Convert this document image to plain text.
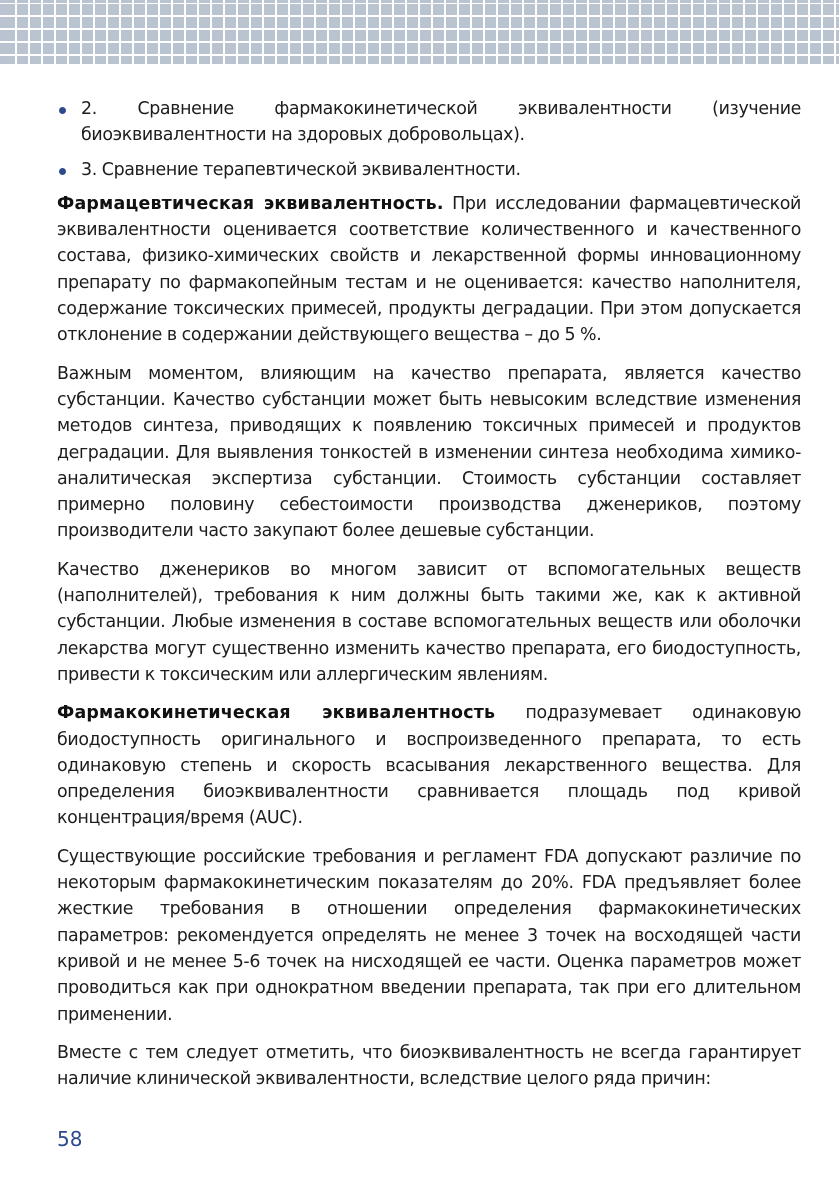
2. Сравнение фармакокинетической эквивалентности (изучение биоэквивалентности на здоровых добровольцах).
3. Сравнение терапевтической эквивалентности.

Фармацевтическая эквивалентность. При исследовании фармацевтической эквивалентности оценивается соответствие количественного и качественного состава, физико-химических свойств и лекарственной формы инновационному препарату по фармакопейным тестам и не оценивается: качество наполнителя, содержание токсических примесей, продукты деградации. При этом допускается отклонение в содержании действующего вещества – до 5 %.

Важным моментом, влияющим на качество препарата, является качество субстанции. Качество субстанции может быть невысоким вследствие изменения методов синтеза, приводящих к появлению токсичных примесей и продуктов деградации. Для выявления тонкостей в изменении синтеза необходима химико-аналитическая экспертиза субстанции. Стоимость субстанции составляет примерно половину себестоимости производства дженериков, поэтому производители часто закупают более дешевые субстанции.

Качество дженериков во многом зависит от вспомогательных веществ (наполнителей), требования к ним должны быть такими же, как к активной субстанции. Любые изменения в составе вспомогательных веществ или оболочки лекарства могут существенно изменить качество препарата, его биодоступность, привести к токсическим или аллергическим явлениям.

Фармакокинетическая эквивалентность подразумевает одинаковую биодоступность оригинального и воспроизведенного препарата, то есть одинаковую степень и скорость всасывания лекарственного вещества. Для определения биоэквивалентности сравнивается площадь под кривой концентрация/время (AUC).

Существующие российские требования и регламент FDA допускают различие по некоторым фармакокинетическим показателям до 20%. FDA предъявляет более жесткие требования в отношении определения фармакокинетических параметров: рекомендуется определять не менее 3 точек на восходящей части кривой и не менее 5-6 точек на нисходящей ее части. Оценка параметров может проводиться как при однократном введении препарата, так при его длительном применении.

Вместе с тем следует отметить, что биоэквивалентность не всегда гарантирует наличие клинической эквивалентности, вследствие целого ряда причин:

58
